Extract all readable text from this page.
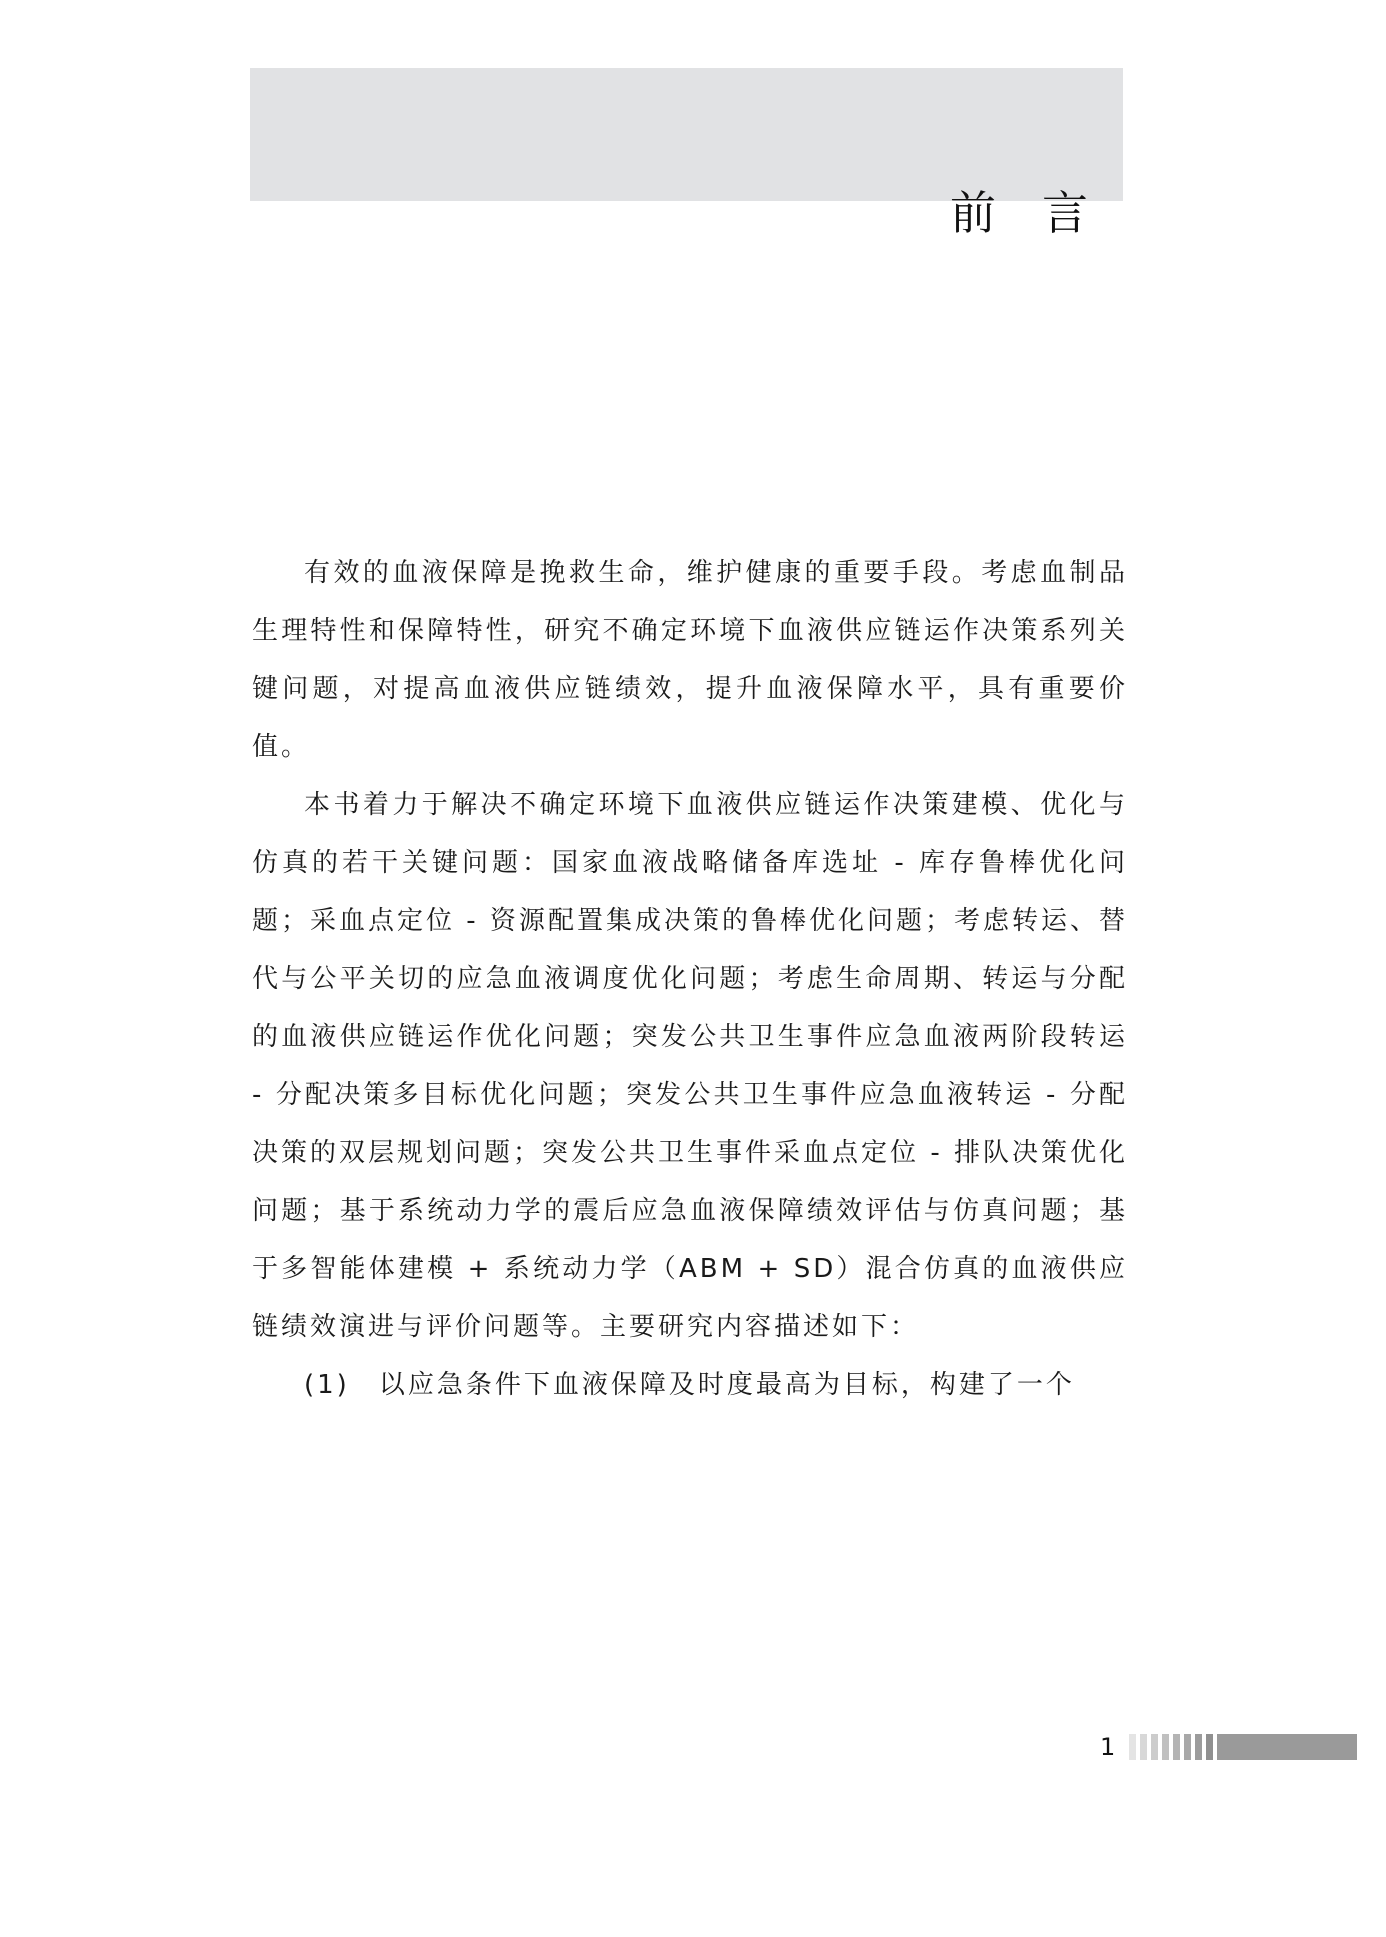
前言

有效的血液保障是挽救生命，维护健康的重要手段。考虑血制品生理特性和保障特性，研究不确定环境下血液供应链运作决策系列关键问题，对提高血液供应链绩效，提升血液保障水平，具有重要价值。

本书着力于解决不确定环境下血液供应链运作决策建模、优化与仿真的若干关键问题：国家血液战略储备库选址 - 库存鲁棒优化问题；采血点定位 - 资源配置集成决策的鲁棒优化问题；考虑转运、替代与公平关切的应急血液调度优化问题；考虑生命周期、转运与分配的血液供应链运作优化问题；突发公共卫生事件应急血液两阶段转运 - 分配决策多目标优化问题；突发公共卫生事件应急血液转运 - 分配决策的双层规划问题；突发公共卫生事件采血点定位 - 排队决策优化问题；基于系统动力学的震后应急血液保障绩效评估与仿真问题；基于多智能体建模 + 系统动力学（ABM + SD）混合仿真的血液供应链绩效演进与评价问题等。主要研究内容描述如下：

(1)　以应急条件下血液保障及时度最高为目标，构建了一个

1
